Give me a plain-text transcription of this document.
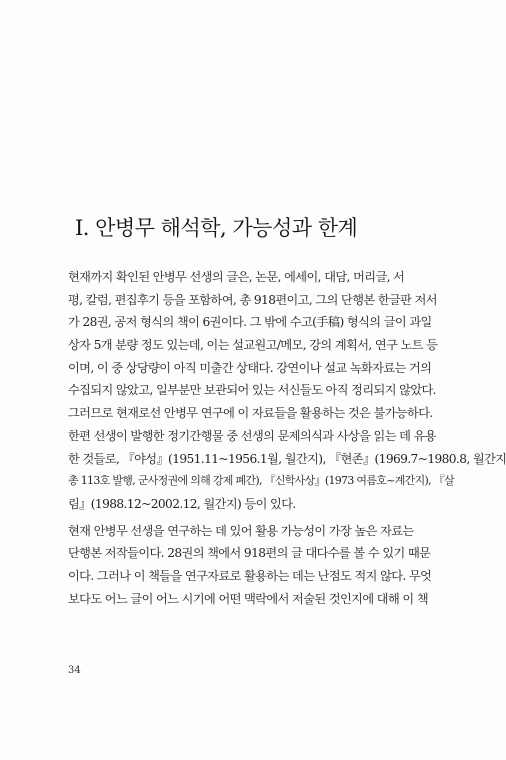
I. 안병무 해석학, 가능성과 한계
현재까지 확인된 안병무 선생의 글은, 논문, 에세이, 대담, 머리글, 서
평, 칼럼, 편집후기 등을 포함하여, 총 918편이고, 그의 단행본 한글판 저서
가 28권, 공저 형식의 책이 6권이다. 그 밖에 수고(手稿) 형식의 글이 과일
상자 5개 분량 정도 있는데, 이는 설교원고/메모, 강의 계획서, 연구 노트 등
이며, 이 중 상당량이 아직 미출간 상태다. 강연이나 설교 녹화자료는 거의
수집되지 않았고, 일부분만 보관되어 있는 서신들도 아직 정리되지 않았다.
그러므로 현재로선 안병무 연구에 이 자료들을 활용하는 것은 불가능하다.
한편 선생이 발행한 정기간행물 중 선생의 문제의식과 사상을 읽는 데 유용
한 것들로, 『야성』(1951.11~1956.1월, 월간지), 『현존』(1969.7~1980.8, 월간지
총 113호 발행, 군사정권에 의해 강제 폐간), 『신학사상』(1973 여름호~계간지), 『살
림』(1988.12~2002.12, 월간지) 등이 있다.
현재 안병무 선생을 연구하는 데 있어 활용 가능성이 가장 높은 자료는
단행본 저작들이다. 28권의 책에서 918편의 글 대다수를 볼 수 있기 때문
이다. 그러나 이 책들을 연구자료로 활용하는 데는 난점도 적지 않다. 무엇
보다도 어느 글이 어느 시기에 어떤 맥락에서 저술된 것인지에 대해 이 책
34
